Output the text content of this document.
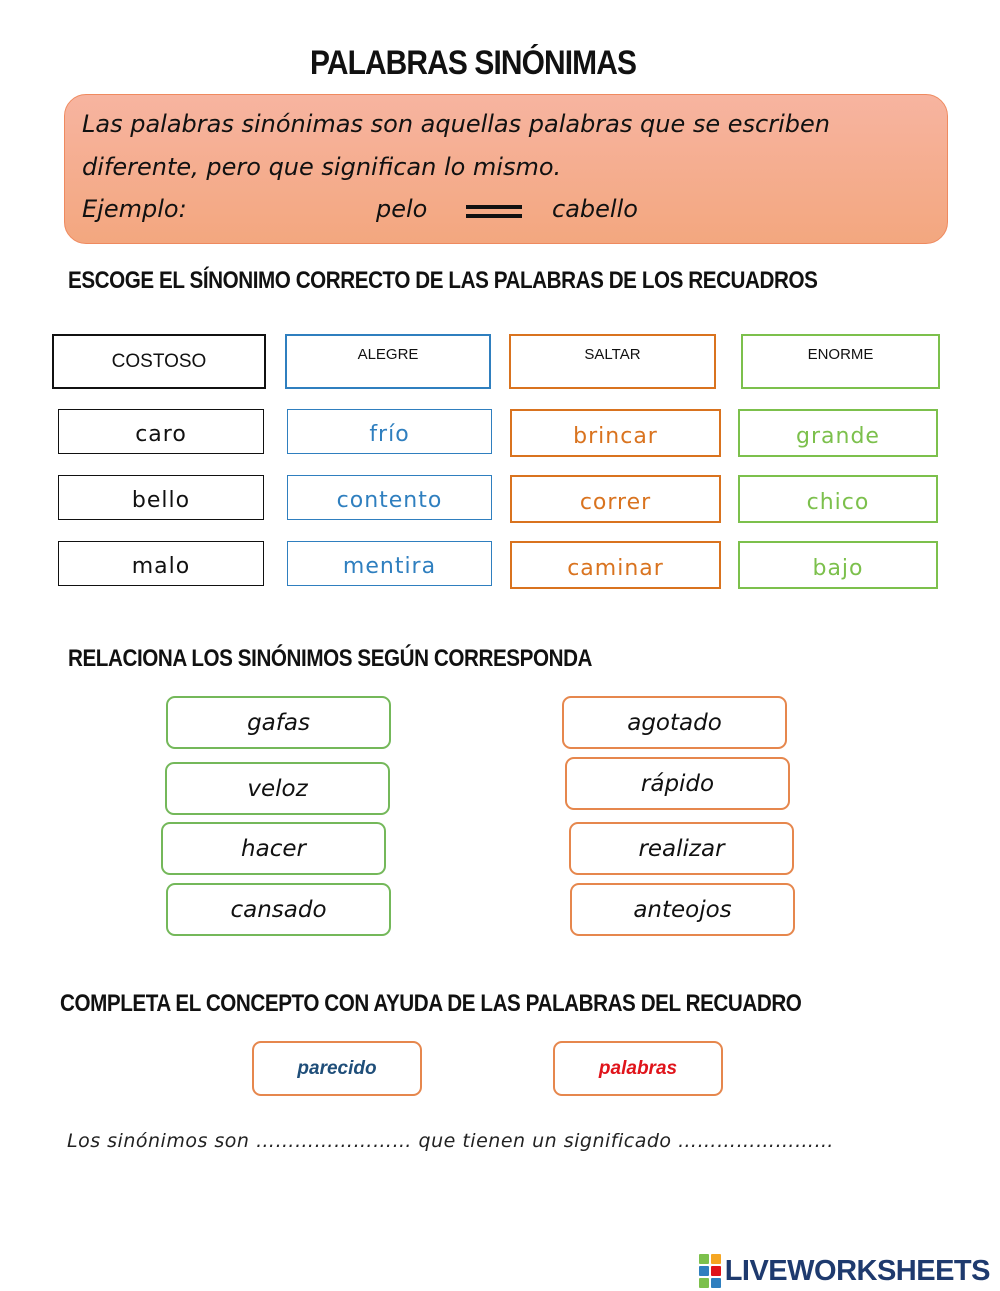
PALABRAS SINÓNIMAS
Las palabras sinónimas son aquellas palabras que se escriben
diferente, pero que significan lo mismo.
Ejemplo:	pelo	cabello
ESCOGE EL SÍNONIMO CORRECTO DE LAS PALABRAS DE LOS RECUADROS
COSTOSO
caro
bello
malo
ALEGRE
frío
contento
mentira
SALTAR
brincar
correr
caminar
ENORME
grande
chico
bajo
RELACIONA LOS SINÓNIMOS SEGÚN CORRESPONDA
gafas
veloz
hacer
cansado
agotado
rápido
realizar
anteojos
COMPLETA EL CONCEPTO CON AYUDA DE LAS PALABRAS DEL RECUADRO
parecido	palabras
Los sinónimos son …………………… que tienen un significado ……………………
LIVEWORKSHEETS
